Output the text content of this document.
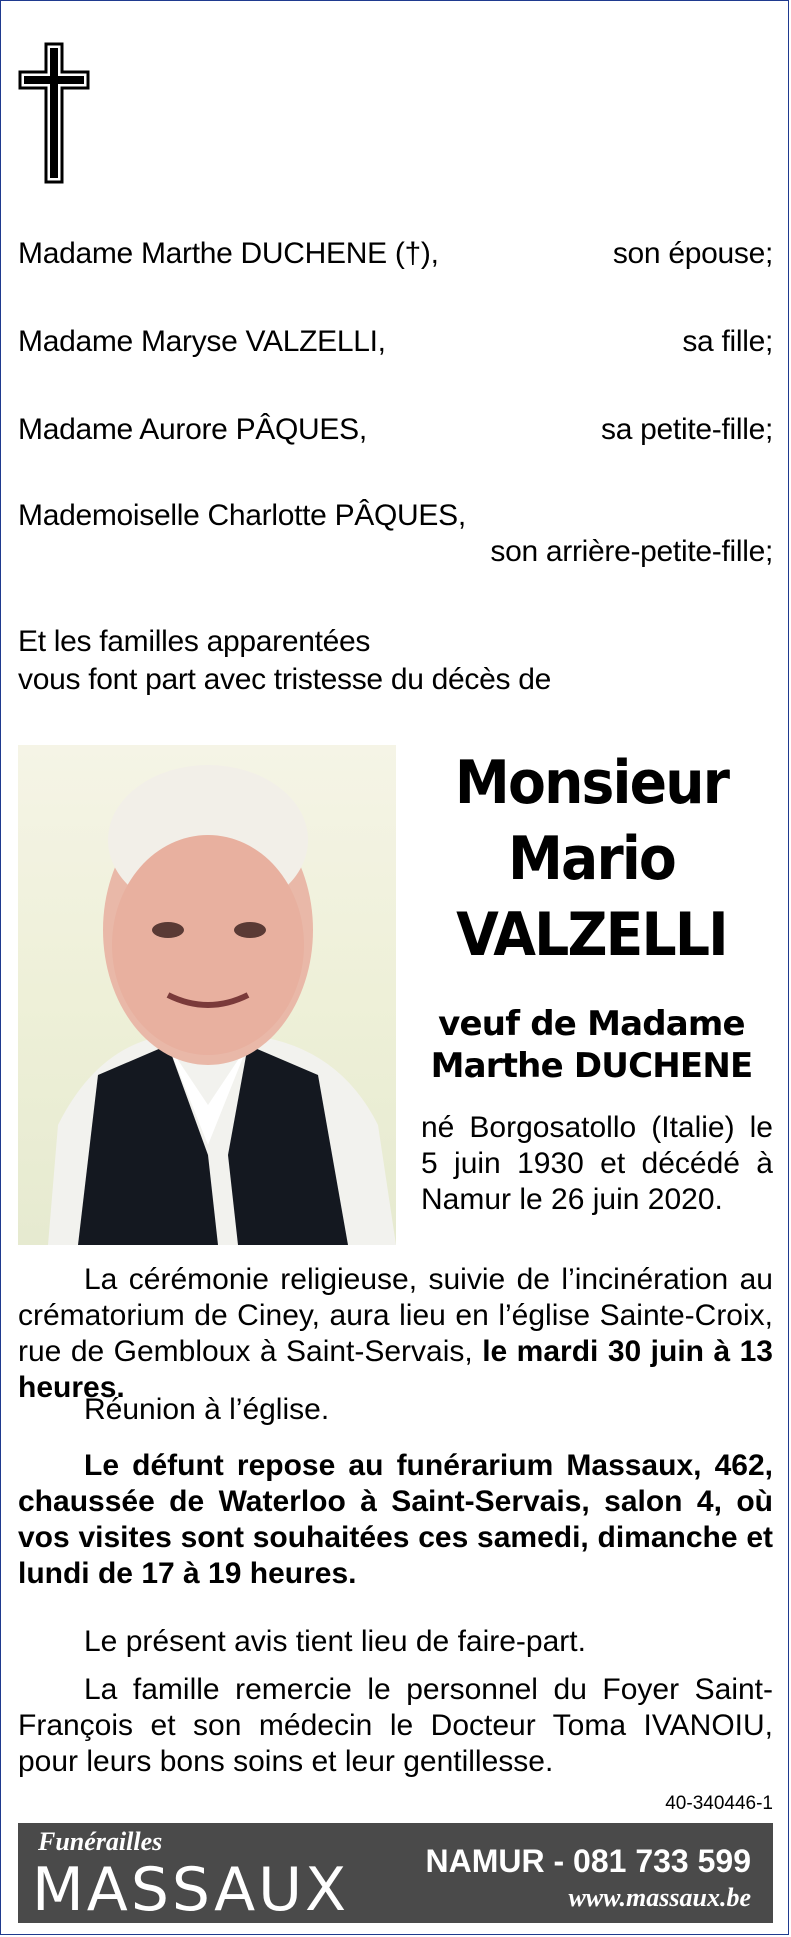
Madame Marthe DUCHENE (†),	son épouse;
Madame Maryse VALZELLI,	sa fille;
Madame Aurore PÂQUES,	sa petite-fille;
Mademoiselle Charlotte PÂQUES,
son arrière-petite-fille;
Et les familles apparentées
vous font part avec tristesse du décès de
Monsieur
Mario
VALZELLI
veuf de Madame
Marthe DUCHENE
né Borgosatollo (Italie) le 5 juin 1930 et décédé à Namur le 26 juin 2020.
La cérémonie religieuse, suivie de l’incinération au crématorium de Ciney, aura lieu en l’église Sainte-Croix, rue de Gembloux à Saint-Servais, le mardi 30 juin à 13 heures.
Réunion à l’église.
Le défunt repose au funérarium Massaux, 462, chaussée de Waterloo à Saint-Servais, salon 4, où vos visites sont souhaitées ces samedi, dimanche et lundi de 17 à 19 heures.
Le présent avis tient lieu de faire-part.
La famille remercie le personnel du Foyer Saint-François et son médecin le Docteur Toma IVANOIU, pour leurs bons soins et leur gentillesse.
40-340446-1
Funérailles
MASSAUX NAMUR - 081 733 599
www.massaux.be
